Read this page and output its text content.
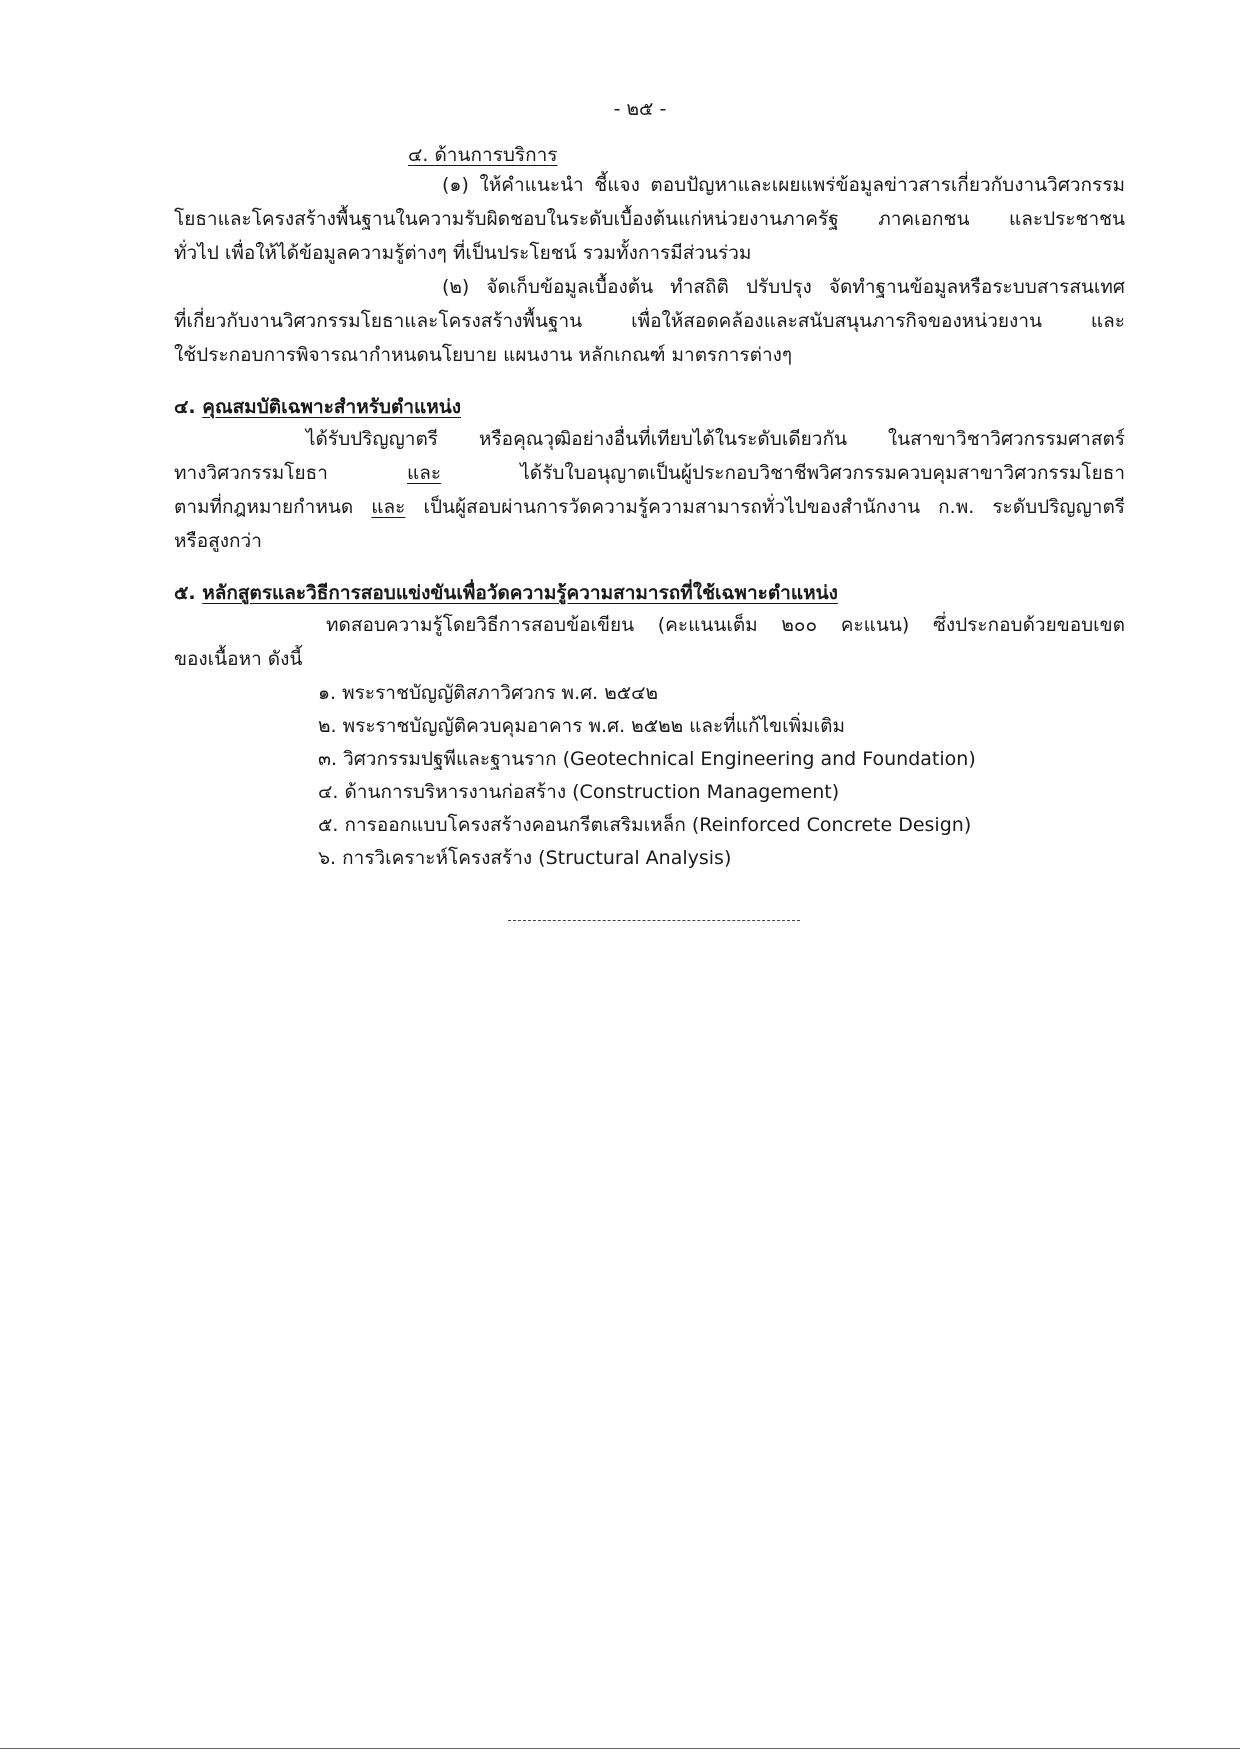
- ๒๕ -
๔. ด้านการบริการ
(๑) ให้คำแนะนำ ชี้แจง ตอบปัญหาและเผยแพร่ข้อมูลข่าวสารเกี่ยวกับงานวิศวกรรม
โยธาและโครงสร้างพื้นฐานในความรับผิดชอบในระดับเบื้องต้นแก่หน่วยงานภาครัฐ ภาคเอกชน และประชาชน
ทั่วไป เพื่อให้ได้ข้อมูลความรู้ต่างๆ ที่เป็นประโยชน์ รวมทั้งการมีส่วนร่วม
(๒) จัดเก็บข้อมูลเบื้องต้น ทำสถิติ ปรับปรุง จัดทำฐานข้อมูลหรือระบบสารสนเทศ
ที่เกี่ยวกับงานวิศวกรรมโยธาและโครงสร้างพื้นฐาน เพื่อให้สอดคล้องและสนับสนุนภารกิจของหน่วยงาน และ
ใช้ประกอบการพิจารณากำหนดนโยบาย แผนงาน หลักเกณฑ์ มาตรการต่างๆ
๔. คุณสมบัติเฉพาะสำหรับตำแหน่ง
ได้รับปริญญาตรี หรือคุณวุฒิอย่างอื่นที่เทียบได้ในระดับเดียวกัน ในสาขาวิชาวิศวกรรมศาสตร์
ทางวิศวกรรมโยธา	และ	ได้รับใบอนุญาตเป็นผู้ประกอบวิชาชีพวิศวกรรมควบคุมสาขาวิศวกรรมโยธา
ตามที่กฎหมายกำหนด และ เป็นผู้สอบผ่านการวัดความรู้ความสามารถทั่วไปของสำนักงาน ก.พ. ระดับปริญญาตรี
หรือสูงกว่า
๕. หลักสูตรและวิธีการสอบแข่งขันเพื่อวัดความรู้ความสามารถที่ใช้เฉพาะตำแหน่ง
ทดสอบความรู้โดยวิธีการสอบข้อเขียน (คะแนนเต็ม ๒๐๐ คะแนน) ซึ่งประกอบด้วยขอบเขต
ของเนื้อหา ดังนี้
๑. พระราชบัญญัติสภาวิศวกร พ.ศ. ๒๕๔๒
๒. พระราชบัญญัติควบคุมอาคาร พ.ศ. ๒๕๒๒ และที่แก้ไขเพิ่มเติม
๓. วิศวกรรมปฐพีและฐานราก (Geotechnical Engineering and Foundation)
๔. ด้านการบริหารงานก่อสร้าง (Construction Management)
๕. การออกแบบโครงสร้างคอนกรีตเสริมเหล็ก (Reinforced Concrete Design)
๖. การวิเคราะห์โครงสร้าง (Structural Analysis)
